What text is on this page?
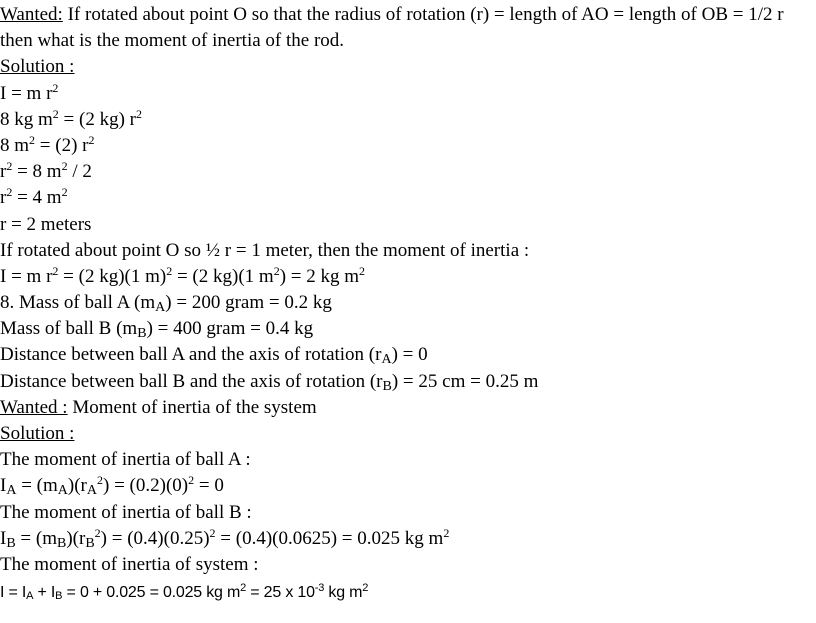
Wanted: If rotated about point O so that the radius of rotation (r) = length of AO = length of OB = 1/2 r then what is the moment of inertia of the rod.
Solution :
I = m $r^2$
8 kg $m^2 = (2$ kg) $r^2$
8 $m^2 = (2)$ $r^2$
$r^2 = 8$ $m^2 / 2$
$r^2 = 4$ $m^2$
r = 2 meters
If rotated about point O so ½ r = 1 meter, then the moment of inertia :
I = m $r^2 = (2$ kg)(1 m)$^2$ = (2 kg)(1 $m^2) = 2$ kg $m^2$
8. Mass of ball A $(m_A) = 200$ gram = 0.2 kg
Mass of ball B $(m_B) = 400$ gram = 0.4 kg
Distance between ball A and the axis of rotation $(r_A) = 0$
Distance between ball B and the axis of rotation $(r_B) = 25$ cm = 0.25 m
Wanted : Moment of inertia of the system
Solution :
The moment of inertia of ball A :
$I_A = (m_A)(r_A^2) = (0.2)(0)^2 = 0$
The moment of inertia of ball B :
$I_B = (m_B)(r_B^2) = (0.4)(0.25)^2 = (0.4)(0.0625) = 0.025$ kg $m^2$
The moment of inertia of system :
$I = I_A + I_B = 0 + 0.025 = 0.025$ kg $m^2 = 25$ x $10^{-3}$ kg $m^2$
